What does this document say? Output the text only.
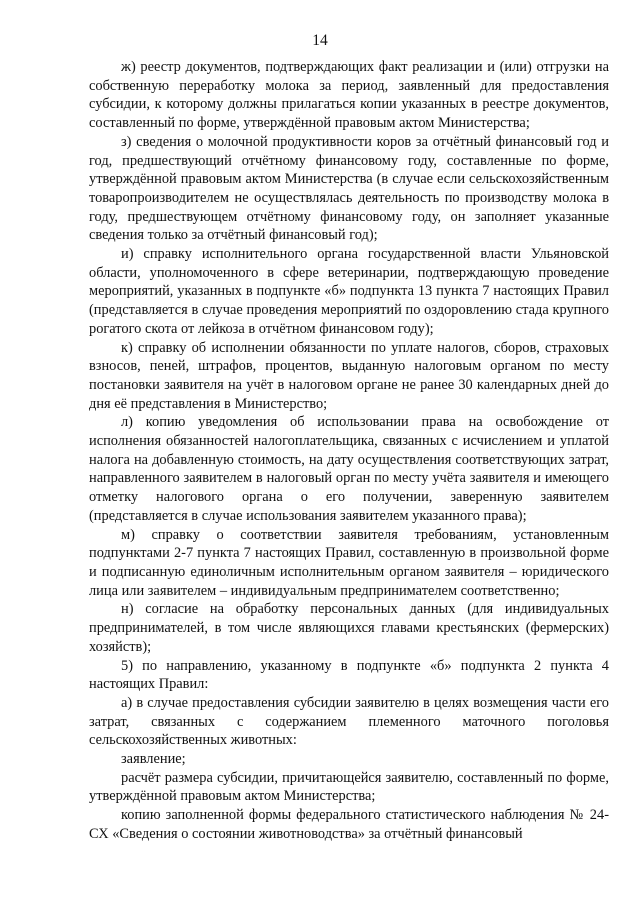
14

ж) реестр документов, подтверждающих факт реализации и (или) отгрузки на собственную переработку молока за период, заявленный для предоставления субсидии, к которому должны прилагаться копии указанных в реестре документов, составленный по форме, утверждённой правовым актом Министерства;

з) сведения о молочной продуктивности коров за отчётный финансовый год и год, предшествующий отчётному финансовому году, составленные по форме, утверждённой правовым актом Министерства (в случае если сельскохозяйственным товаропроизводителем не осуществлялась деятельность по производству молока в году, предшествующем отчётному финансовому году, он заполняет указанные сведения только за отчётный финансовый год);

и) справку исполнительного органа государственной власти Ульяновской области, уполномоченного в сфере ветеринарии, подтверждающую проведение мероприятий, указанных в подпункте «б» подпункта 13 пункта 7 настоящих Правил (представляется в случае проведения мероприятий по оздоровлению стада крупного рогатого скота от лейкоза в отчётном финансовом году);

к) справку об исполнении обязанности по уплате налогов, сборов, страховых взносов, пеней, штрафов, процентов, выданную налоговым органом по месту постановки заявителя на учёт в налоговом органе не ранее 30 календарных дней до дня её представления в Министерство;

л) копию уведомления об использовании права на освобождение от исполнения обязанностей налогоплательщика, связанных с исчислением и уплатой налога на добавленную стоимость, на дату осуществления соответствующих затрат, направленного заявителем в налоговый орган по месту учёта заявителя и имеющего отметку налогового органа о его получении, заверенную заявителем (представляется в случае использования заявителем указанного права);

м) справку о соответствии заявителя требованиям, установленным подпунктами 2-7 пункта 7 настоящих Правил, составленную в произвольной форме и подписанную единоличным исполнительным органом заявителя – юридического лица или заявителем – индивидуальным предпринимателем соответственно;

н) согласие на обработку персональных данных (для индивидуальных предпринимателей, в том числе являющихся главами крестьянских (фермерских) хозяйств);

5) по направлению, указанному в подпункте «б» подпункта 2 пункта 4 настоящих Правил:

а) в случае предоставления субсидии заявителю в целях возмещения части его затрат, связанных с содержанием племенного маточного поголовья сельскохозяйственных животных:

заявление;

расчёт размера субсидии, причитающейся заявителю, составленный по форме, утверждённой правовым актом Министерства;

копию заполненной формы федерального статистического наблюдения № 24-СХ «Сведения о состоянии животноводства» за отчётный финансовый
